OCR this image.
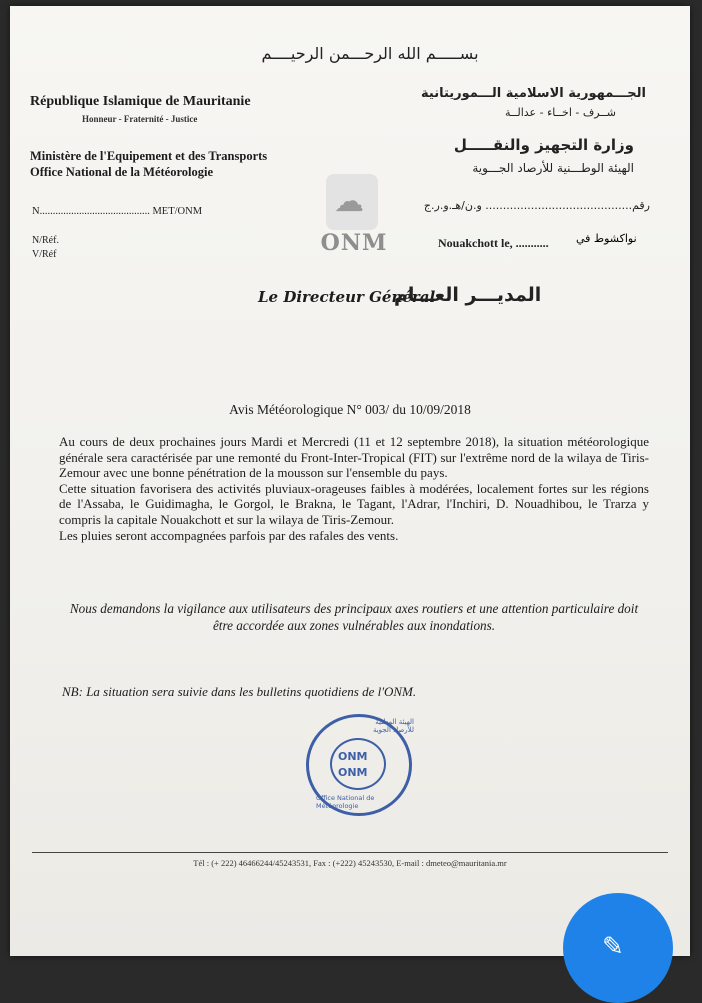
بســـــم الله الرحـــمن الرحيــــم
République Islamique de Mauritanie
Honneur - Fraternité - Justice
الجـــمهورية الاسلامية الـــموريتانية
شــرف - اخــاء - عدالــة
Ministère de l'Equipement et des Transports
Office National de la Météorologie
وزارة التجهيز والنقـــــل
الهيئة الوطـــنية للأرصاد الجـــوية
☁
ONM
N.......................................... MET/ONM	رقم.......................................... و.ن/هـ.و.ر.ج
N/Réf.
V/Réf
Nouakchott le, ........... نواكشوط في
Le Directeur Général
المديـــر العـــام
Avis Météorologique N° 003/ du 10/09/2018

Au cours de deux prochaines jours Mardi et Mercredi (11 et 12 septembre 2018), la situation météorologique générale sera caractérisée par une remonté du Front-Inter-Tropical (FIT) sur l'extrême nord de la wilaya de Tiris-Zemour avec une bonne pénétration de la mousson sur l'ensemble du pays.

Cette situation favorisera des activités pluviaux-orageuses faibles à modérées, localement fortes sur les régions de l'Assaba, le Guidimagha, le Gorgol, le Brakna, le Tagant, l'Adrar, l'Inchiri, D. Nouadhibou, le Trarza y compris la capitale Nouakchott et sur la wilaya de Tiris-Zemour.

Les pluies seront accompagnées parfois par des rafales des vents.

Nous demandons la vigilance aux utilisateurs des principaux axes routiers et une attention particulaire doit être accordée aux zones vulnérables aux inondations.
NB: La situation sera suivie dans les bulletins quotidiens de l'ONM.
الهيئة الوطنية للأرصاد الجوية
ONM
ONM
Office National de Météorologie
Tél : (+ 222) 46466244/45243531, Fax : (+222) 45243530, E-mail : dmeteo@mauritania.mr
✎
